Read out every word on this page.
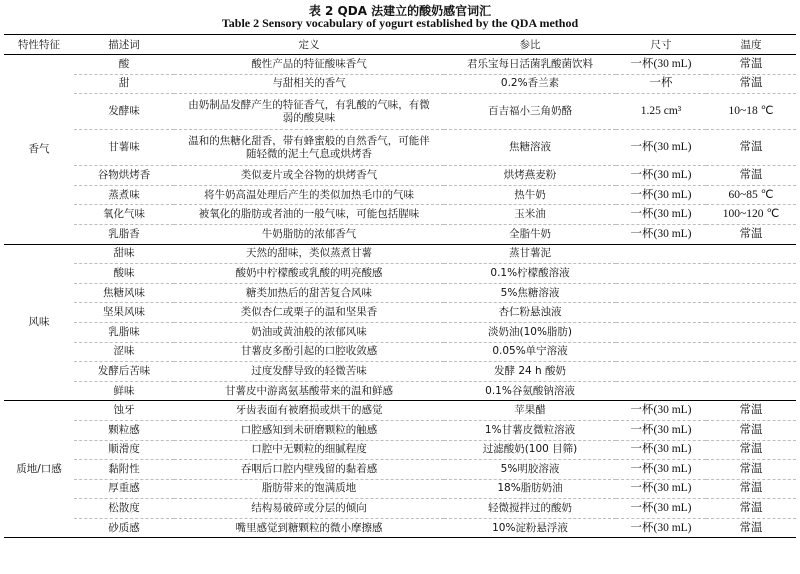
表 2 QDA 法建立的酸奶感官词汇
Table 2 Sensory vocabulary of yogurt established by the QDA method
特性特征	描述词	定义	参比	尺寸	温度
香气	酸	酸性产品的特征酸味香气	君乐宝每日活菌乳酸菌饮料	一杯(30 mL)	常温
	甜	与甜相关的香气	0.2%香兰素	一杯	常温
	发酵味	由奶制品发酵产生的特征香气，有乳酸的气味，有微弱的酸臭味	百吉福小三角奶酪	1.25 cm³	10~18 ℃
	甘薯味	温和的焦糖化甜香，带有蜂蜜般的自然香气，可能伴随轻微的泥土气息或烘烤香	焦糖溶液	一杯(30 mL)	常温
	谷物烘烤香	类似麦片或全谷物的烘烤香气	烘烤燕麦粉	一杯(30 mL)	常温
	蒸煮味	将牛奶高温处理后产生的类似加热毛巾的气味	热牛奶	一杯(30 mL)	60~85 ℃
	氧化气味	被氧化的脂肪或者油的一般气味，可能包括腥味	玉米油	一杯(30 mL)	100~120 ℃
	乳脂香	牛奶脂肪的浓郁香气	全脂牛奶	一杯(30 mL)	常温
风味	甜味	天然的甜味，类似蒸煮甘薯	蒸甘薯泥		
	酸味	酸奶中柠檬酸或乳酸的明亮酸感	0.1%柠檬酸溶液		
	焦糖风味	糖类加热后的甜苦复合风味	5%焦糖溶液		
	坚果风味	类似杏仁或栗子的温和坚果香	杏仁粉悬浊液		
	乳脂味	奶油或黄油般的浓郁风味	淡奶油(10%脂肪)		
	涩味	甘薯皮多酚引起的口腔收敛感	0.05%单宁溶液		
	发酵后苦味	过度发酵导致的轻微苦味	发酵 24 h 酸奶		
	鲜味	甘薯皮中游离氨基酸带来的温和鲜感	0.1%谷氨酸钠溶液		
质地/口感	蚀牙	牙齿表面有被磨损或烘干的感觉	苹果醋	一杯(30 mL)	常温
	颗粒感	口腔感知到未研磨颗粒的触感	1%甘薯皮微粒溶液	一杯(30 mL)	常温
	顺滑度	口腔中无颗粒的细腻程度	过滤酸奶(100 目筛)	一杯(30 mL)	常温
	黏附性	吞咽后口腔内壁残留的黏着感	5%明胶溶液	一杯(30 mL)	常温
	厚重感	脂肪带来的饱满质地	18%脂肪奶油	一杯(30 mL)	常温
	松散度	结构易破碎或分层的倾向	轻微搅拌过的酸奶	一杯(30 mL)	常温
	砂质感	嘴里感觉到糖颗粒的微小摩擦感	10%淀粉悬浮液	一杯(30 mL)	常温
